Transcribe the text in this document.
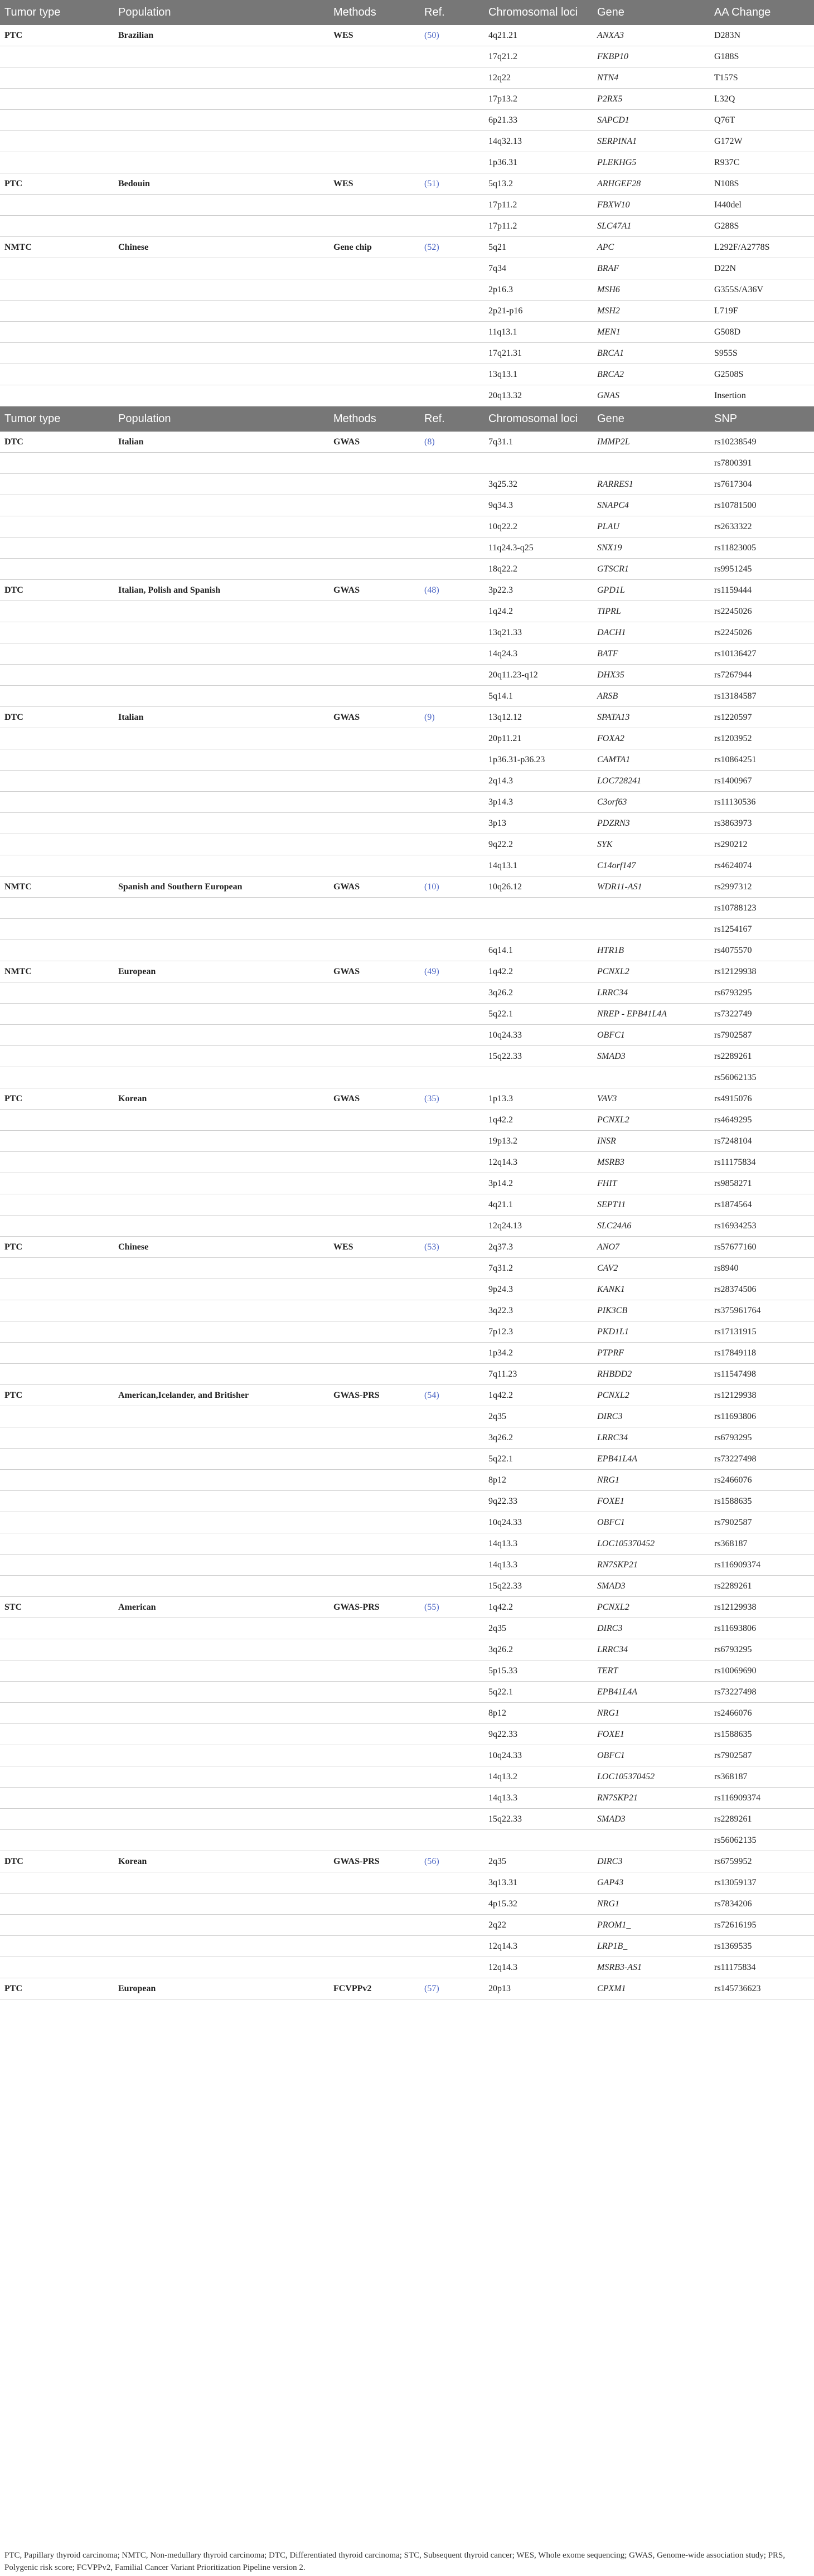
Tumor type	Population	Methods	Ref.	Chromosomal loci	Gene	AA Change
PTC	Brazilian	WES	(50)	4q21.21	ANXA3	D283N
				17q21.2	FKBP10	G188S
				12q22	NTN4	T157S
				17p13.2	P2RX5	L32Q
				6p21.33	SAPCD1	Q76T
				14q32.13	SERPINA1	G172W
				1p36.31	PLEKHG5	R937C
PTC	Bedouin	WES	(51)	5q13.2	ARHGEF28	N108S
				17p11.2	FBXW10	I440del
				17p11.2	SLC47A1	G288S
NMTC	Chinese	Gene chip	(52)	5q21	APC	L292F/A2778S
				7q34	BRAF	D22N
				2p16.3	MSH6	G355S/A36V
				2p21-p16	MSH2	L719F
				11q13.1	MEN1	G508D
				17q21.31	BRCA1	S955S
				13q13.1	BRCA2	G2508S
				20q13.32	GNAS	Insertion
Tumor type	Population	Methods	Ref.	Chromosomal loci	Gene	SNP
DTC	Italian	GWAS	(8)	7q31.1	IMMP2L	rs10238549
						rs7800391
				3q25.32	RARRES1	rs7617304
				9q34.3	SNAPC4	rs10781500
				10q22.2	PLAU	rs2633322
				11q24.3-q25	SNX19	rs11823005
				18q22.2	GTSCR1	rs9951245
DTC	Italian, Polish and Spanish	GWAS	(48)	3p22.3	GPD1L	rs1159444
				1q24.2	TIPRL	rs2245026
				13q21.33	DACH1	rs2245026
				14q24.3	BATF	rs10136427
				20q11.23-q12	DHX35	rs7267944
				5q14.1	ARSB	rs13184587
DTC	Italian	GWAS	(9)	13q12.12	SPATA13	rs1220597
				20p11.21	FOXA2	rs1203952
				1p36.31-p36.23	CAMTA1	rs10864251
				2q14.3	LOC728241	rs1400967
				3p14.3	C3orf63	rs11130536
				3p13	PDZRN3	rs3863973
				9q22.2	SYK	rs290212
				14q13.1	C14orf147	rs4624074
NMTC	Spanish and Southern European	GWAS	(10)	10q26.12	WDR11-AS1	rs2997312
						rs10788123
						rs1254167
				6q14.1	HTR1B	rs4075570
NMTC	European	GWAS	(49)	1q42.2	PCNXL2	rs12129938
				3q26.2	LRRC34	rs6793295
				5q22.1	NREP - EPB41L4A	rs7322749
				10q24.33	OBFC1	rs7902587
				15q22.33	SMAD3	rs2289261
						rs56062135
PTC	Korean	GWAS	(35)	1p13.3	VAV3	rs4915076
				1q42.2	PCNXL2	rs4649295
				19p13.2	INSR	rs7248104
				12q14.3	MSRB3	rs11175834
				3p14.2	FHIT	rs9858271
				4q21.1	SEPT11	rs1874564
				12q24.13	SLC24A6	rs16934253
PTC	Chinese	WES	(53)	2q37.3	ANO7	rs57677160
				7q31.2	CAV2	rs8940
				9p24.3	KANK1	rs28374506
				3q22.3	PIK3CB	rs375961764
				7p12.3	PKD1L1	rs17131915
				1p34.2	PTPRF	rs17849118
				7q11.23	RHBDD2	rs11547498
PTC	American,Icelander, and Britisher	GWAS-PRS	(54)	1q42.2	PCNXL2	rs12129938
				2q35	DIRC3	rs11693806
				3q26.2	LRRC34	rs6793295
				5q22.1	EPB41L4A	rs73227498
				8p12	NRG1	rs2466076
				9q22.33	FOXE1	rs1588635
				10q24.33	OBFC1	rs7902587
				14q13.3	LOC105370452	rs368187
				14q13.3	RN7SKP21	rs116909374
				15q22.33	SMAD3	rs2289261
STC	American	GWAS-PRS	(55)	1q42.2	PCNXL2	rs12129938
				2q35	DIRC3	rs11693806
				3q26.2	LRRC34	rs6793295
				5p15.33	TERT	rs10069690
				5q22.1	EPB41L4A	rs73227498
				8p12	NRG1	rs2466076
				9q22.33	FOXE1	rs1588635
				10q24.33	OBFC1	rs7902587
				14q13.2	LOC105370452	rs368187
				14q13.3	RN7SKP21	rs116909374
				15q22.33	SMAD3	rs2289261
						rs56062135
DTC	Korean	GWAS-PRS	(56)	2q35	DIRC3	rs6759952
				3q13.31	GAP43	rs13059137
				4p15.32	NRG1	rs7834206
				2q22	PROM1_	rs72616195
				12q14.3	LRP1B_	rs1369535
				12q14.3	MSRB3-AS1	rs11175834
PTC	European	FCVPPv2	(57)	20p13	CPXM1	rs145736623
PTC, Papillary thyroid carcinoma; NMTC, Non-medullary thyroid carcinoma; DTC, Differentiated thyroid carcinoma; STC, Subsequent thyroid cancer; WES, Whole exome sequencing; GWAS, Genome-wide association study; PRS, Polygenic risk score; FCVPPv2, Familial Cancer Variant Prioritization Pipeline version 2.
